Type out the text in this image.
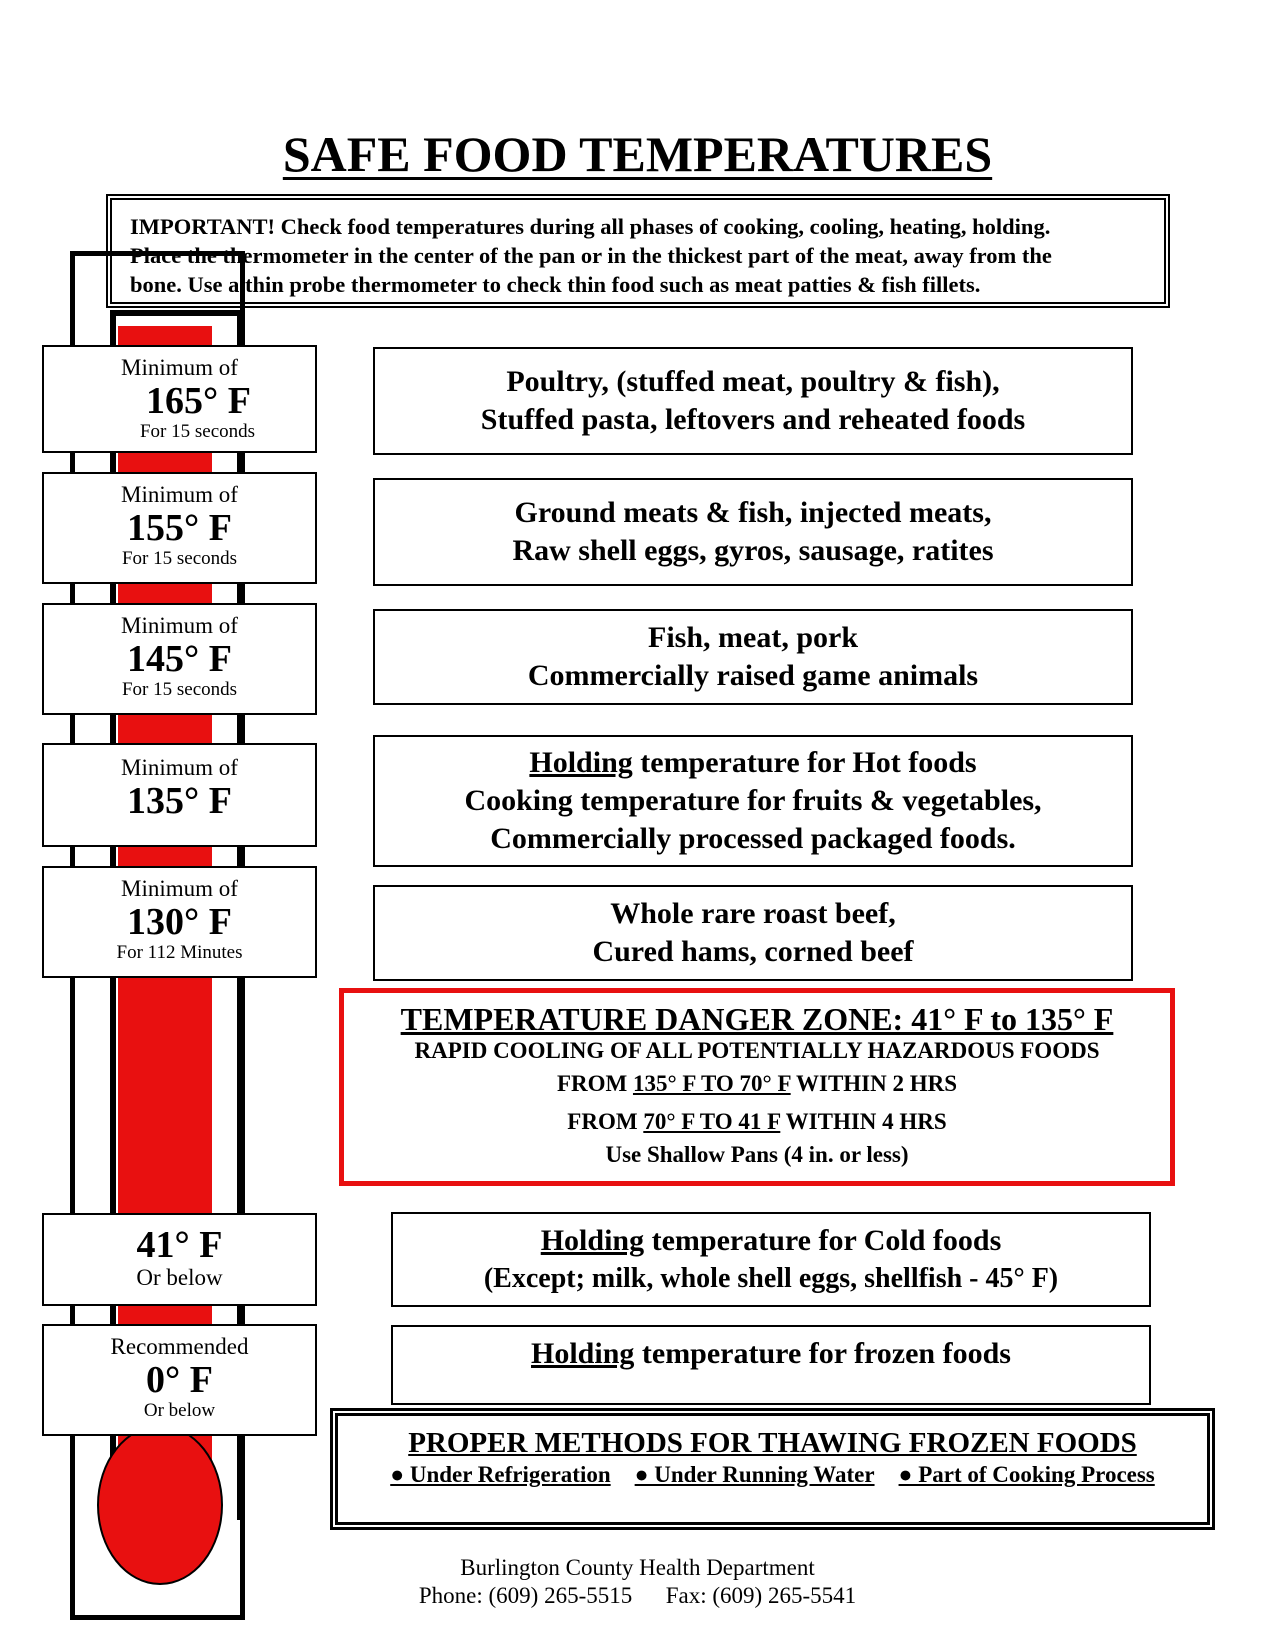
SAFE FOOD TEMPERATURES
IMPORTANT! Check food temperatures during all phases of cooking, cooling, heating, holding.
Place the thermometer in the center of the pan or in the thickest part of the meat, away from the
bone. Use a thin probe thermometer to check thin food such as meat patties & fish fillets.
Minimum of
165° F
For 15 seconds
Minimum of
155° F
For 15 seconds
Minimum of
145° F
For 15 seconds
Minimum of
135° F
Minimum of
130° F
For 112 Minutes
41° F
Or below
Recommended
0° F
Or below
Poultry, (stuffed meat, poultry & fish),
Stuffed pasta, leftovers and reheated foods
Ground meats & fish, injected meats,
Raw shell eggs, gyros, sausage, ratites
Fish, meat, pork
Commercially raised game animals
Holding temperature for Hot foods
Cooking temperature for fruits & vegetables,
Commercially processed packaged foods.
Whole rare roast beef,
Cured hams, corned beef
TEMPERATURE DANGER ZONE: 41° F to 135° F
RAPID COOLING OF ALL POTENTIALLY HAZARDOUS FOODS
FROM 135° F TO 70° F WITHIN 2 HRS
FROM 70° F TO 41 F WITHIN 4 HRS
Use Shallow Pans (4 in. or less)
Holding temperature for Cold foods
(Except; milk, whole shell eggs, shellfish - 45° F)
Holding temperature for frozen foods
PROPER METHODS FOR THAWING FROZEN FOODS
● Under Refrigeration ● Under Running Water ● Part of Cooking Process
Burlington County Health Department
Phone: (609) 265-5515 Fax: (609) 265-5541
